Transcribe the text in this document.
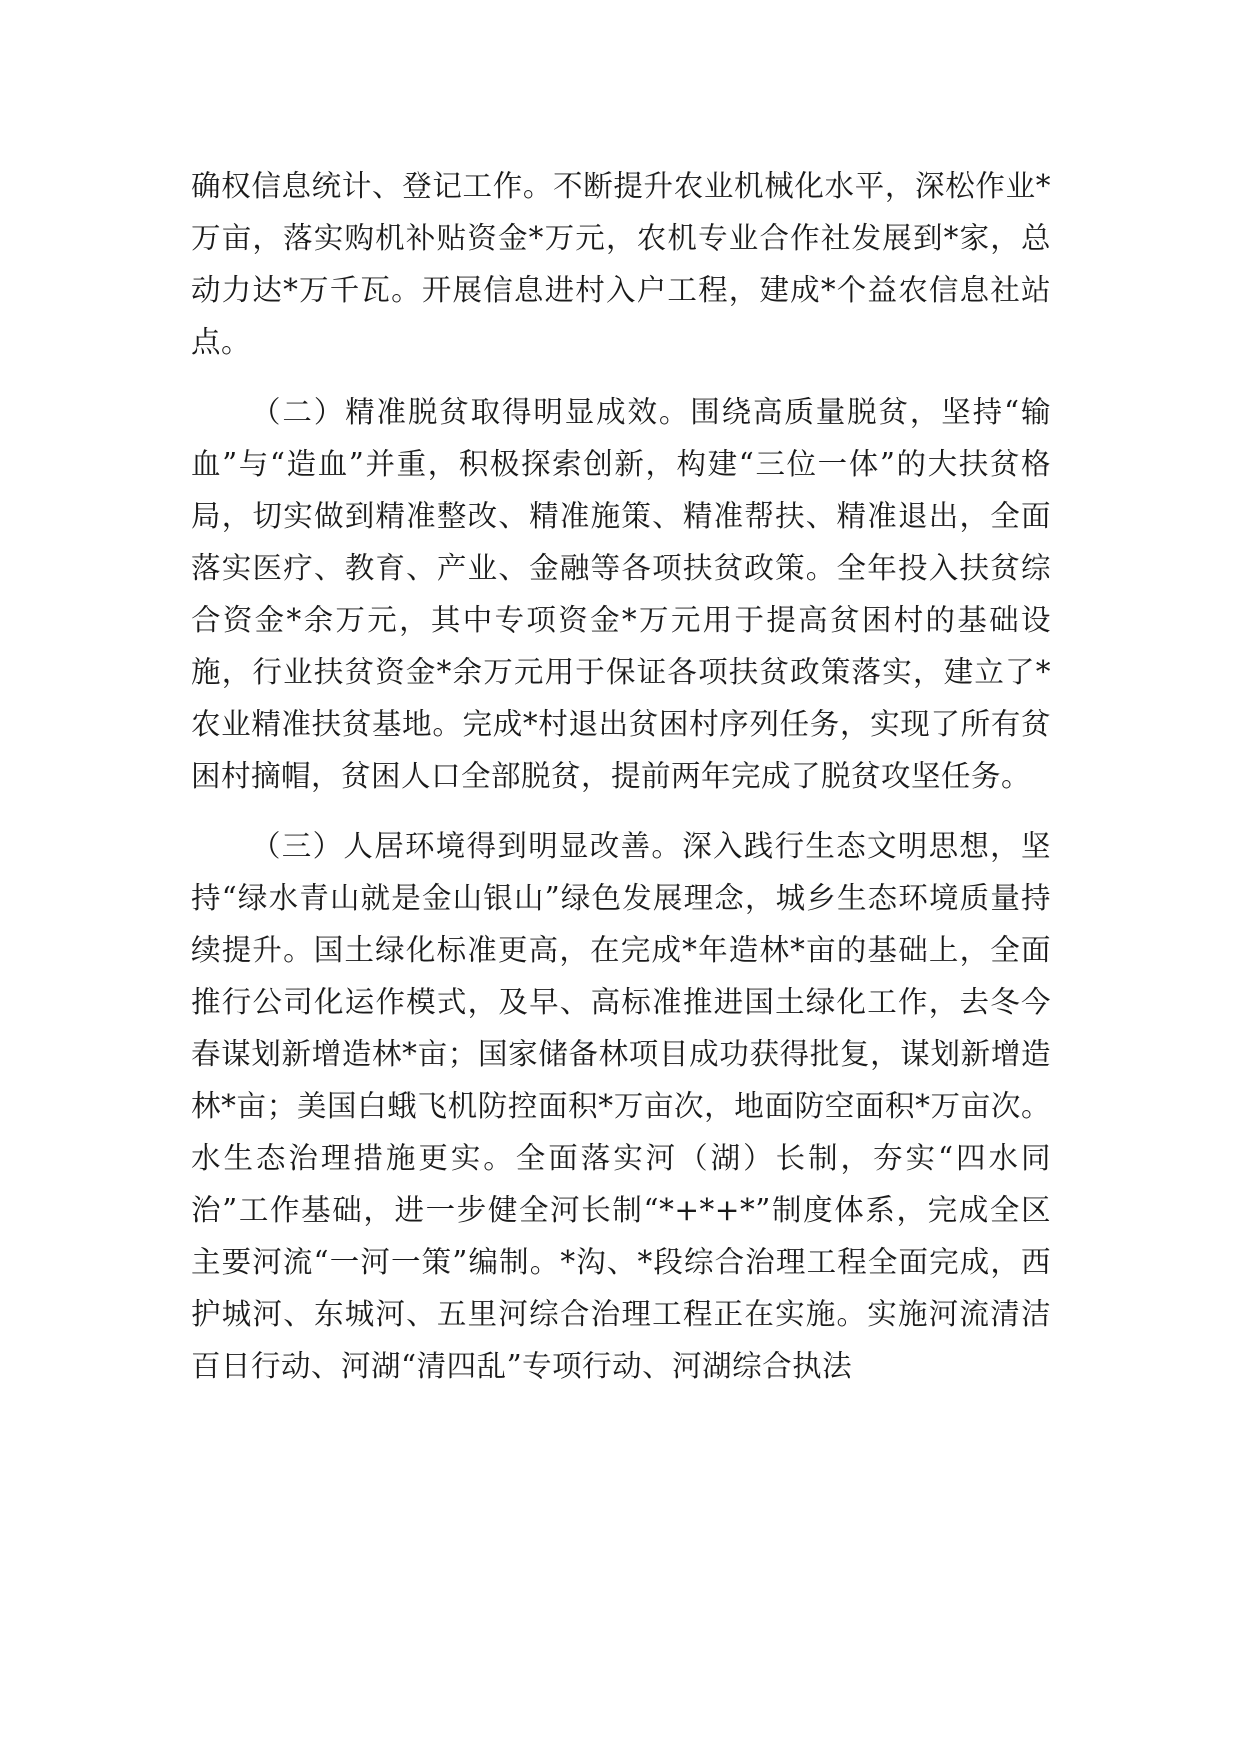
确权信息统计、登记工作。不断提升农业机械化水平，深松作业*万亩，落实购机补贴资金*万元，农机专业合作社发展到*家，总动力达*万千瓦。开展信息进村入户工程，建成*个益农信息社站点。

（二）精准脱贫取得明显成效。围绕高质量脱贫，坚持“输血”与“造血”并重，积极探索创新，构建“三位一体”的大扶贫格局，切实做到精准整改、精准施策、精准帮扶、精准退出，全面落实医疗、教育、产业、金融等各项扶贫政策。全年投入扶贫综合资金*余万元，其中专项资金*万元用于提高贫困村的基础设施，行业扶贫资金*余万元用于保证各项扶贫政策落实，建立了*农业精准扶贫基地。完成*村退出贫困村序列任务，实现了所有贫困村摘帽，贫困人口全部脱贫，提前两年完成了脱贫攻坚任务。

（三）人居环境得到明显改善。深入践行生态文明思想，坚持“绿水青山就是金山银山”绿色发展理念，城乡生态环境质量持续提升。国土绿化标准更高，在完成*年造林*亩的基础上，全面推行公司化运作模式，及早、高标准推进国土绿化工作，去冬今春谋划新增造林*亩；国家储备林项目成功获得批复，谋划新增造林*亩；美国白蛾飞机防控面积*万亩次，地面防空面积*万亩次。水生态治理措施更实。全面落实河（湖）长制，夯实“四水同治”工作基础，进一步健全河长制“*+*+*”制度体系，完成全区主要河流“一河一策”编制。*沟、*段综合治理工程全面完成，西护城河、东城河、五里河综合治理工程正在实施。实施河流清洁百日行动、河湖“清四乱”专项行动、河湖综合执法
